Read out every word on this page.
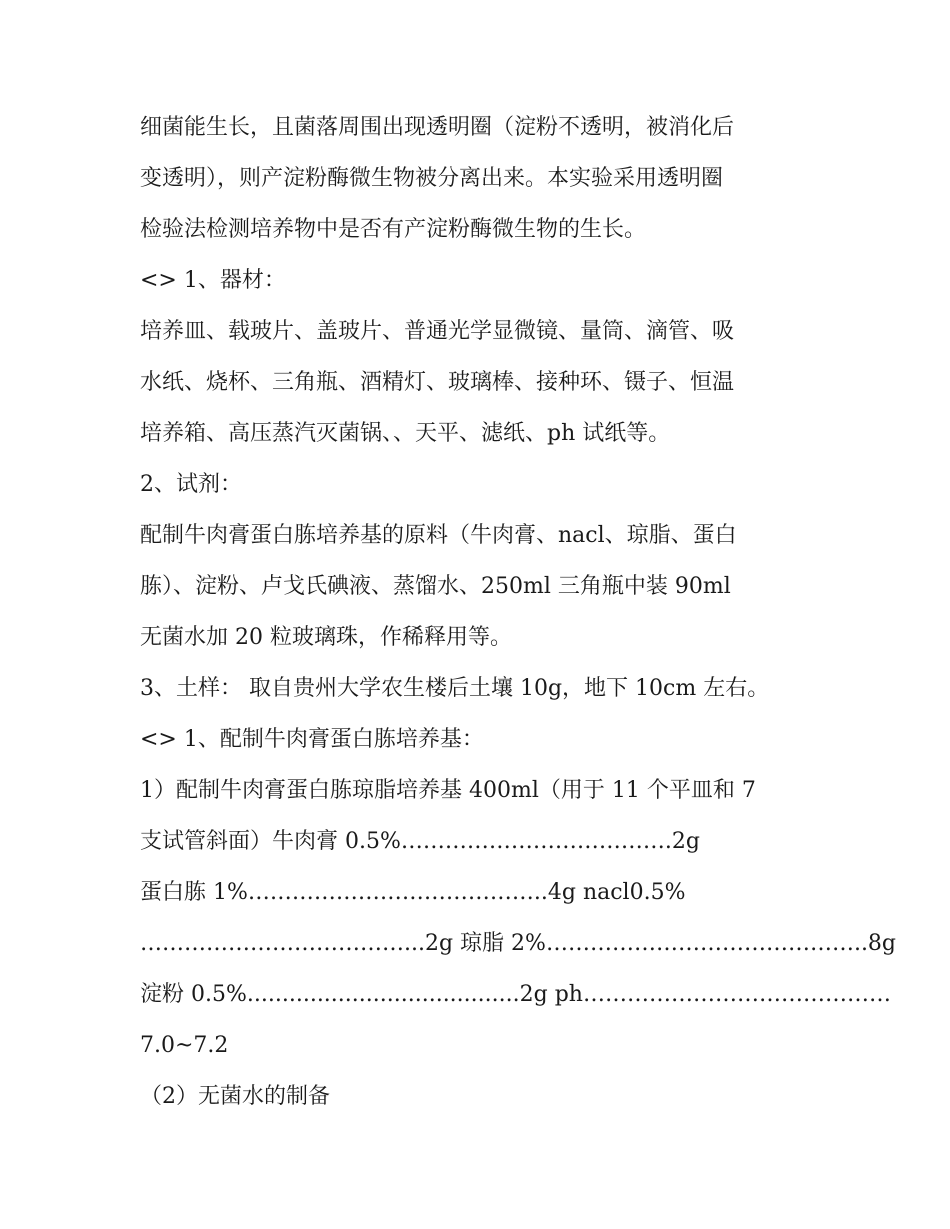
细菌能生长，且菌落周围出现透明圈（淀粉不透明，被消化后
变透明），则产淀粉酶微生物被分离出来。本实验采用透明圈
检验法检测培养物中是否有产淀粉酶微生物的生长。
<> 1、器材：
培养皿、载玻片、盖玻片、普通光学显微镜、量筒、滴管、吸
水纸、烧杯、三角瓶、酒精灯、玻璃棒、接种环、镊子、恒温
培养箱、高压蒸汽灭菌锅、、天平、滤纸、ph 试纸等。
2、试剂：
配制牛肉膏蛋白胨培养基的原料（牛肉膏、nacl、琼脂、蛋白
胨）、淀粉、卢戈氏碘液、蒸馏水、250ml 三角瓶中装 90ml
无菌水加 20 粒玻璃珠，作稀释用等。
3、土样： 取自贵州大学农生楼后土壤 10g，地下 10cm 左右。
<> 1、配制牛肉膏蛋白胨培养基：
1）配制牛肉膏蛋白胨琼脂培养基 400ml（用于 11 个平皿和 7
支试管斜面）牛肉膏 0.5%……………………………….2g
蛋白胨 1%…………………………………..4g nacl0.5%
………………………………...2g 琼脂 2%……………………………………..8g
淀粉 0.5%.......................................2g ph……………………………………
7.0~7.2
（2）无菌水的制备
